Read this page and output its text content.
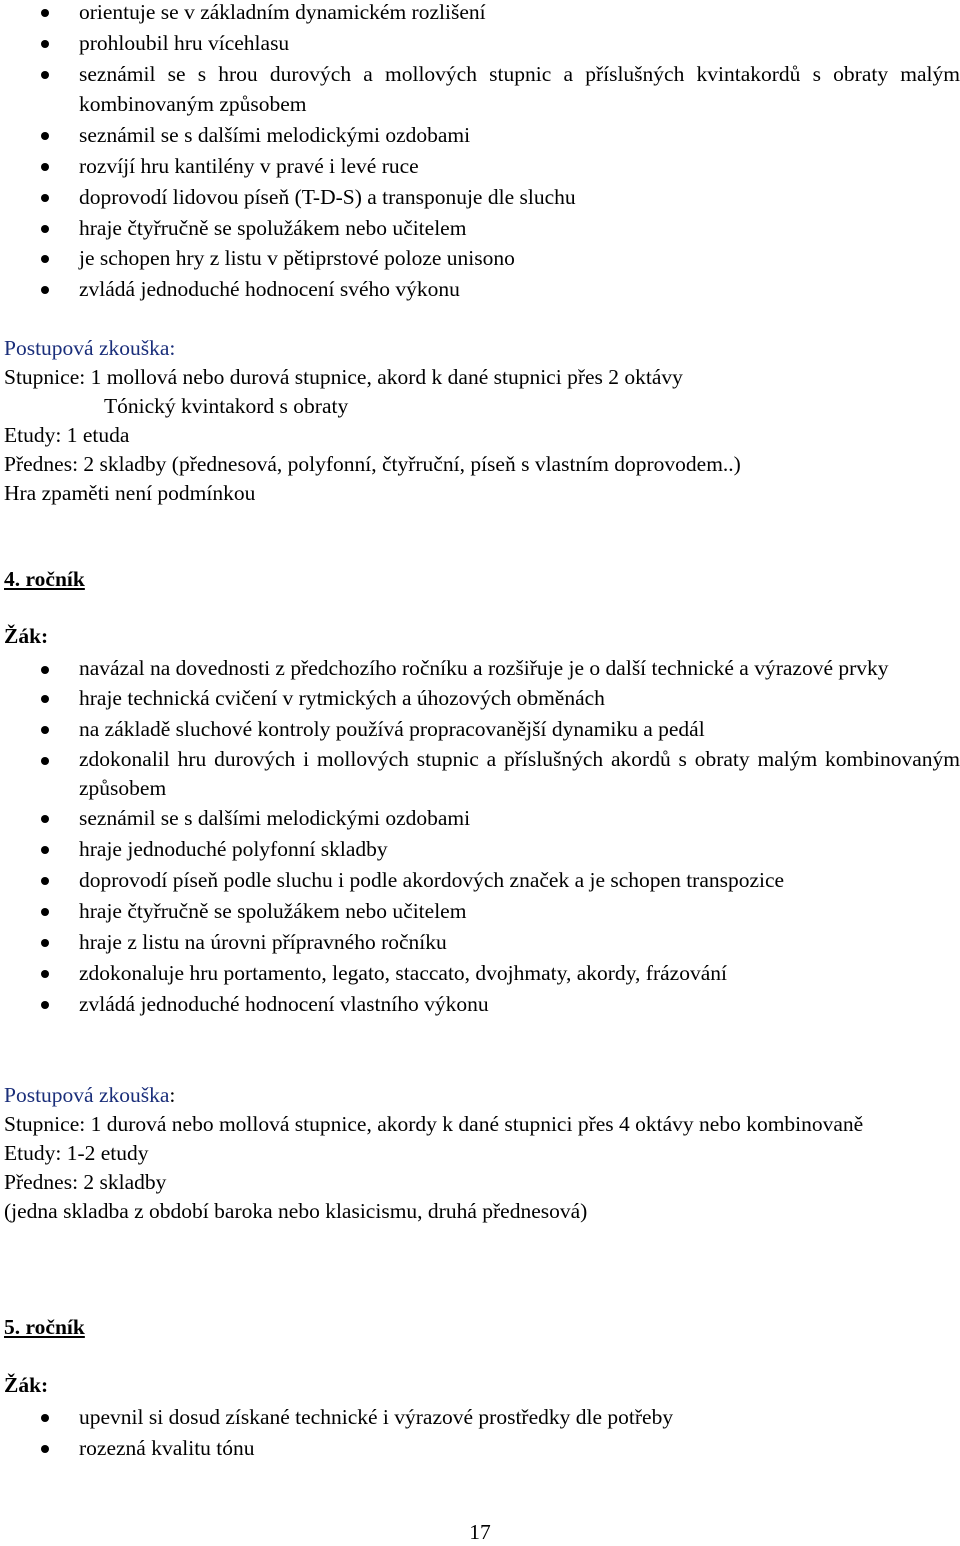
orientuje se v základním dynamickém rozlišení
prohloubil hru vícehlasu
seznámil se s hrou durových a mollových stupnic a příslušných kvintakordů s obraty malým kombinovaným způsobem
seznámil se s dalšími melodickými ozdobami
rozvíjí hru kantilény v pravé i levé ruce
doprovodí lidovou píseň (T-D-S) a transponuje dle sluchu
hraje čtyřručně se spolužákem nebo učitelem
je schopen hry z listu v pětiprstové poloze unisono
zvládá jednoduché hodnocení svého výkonu

Postupová zkouška:

Stupnice: 1 mollová nebo durová stupnice, akord k dané stupnici přes 2 oktávy

Tónický kvintakord s obraty

Etudy: 1 etuda

Přednes: 2 skladby (přednesová, polyfonní, čtyřruční, píseň s vlastním doprovodem..)

Hra zpaměti není podmínkou

4. ročník

Žák:

navázal na dovednosti z předchozího ročníku a rozšiřuje je o další technické a výrazové prvky
hraje technická cvičení v rytmických a úhozových obměnách
na základě sluchové kontroly používá propracovanější dynamiku a pedál
zdokonalil hru durových i mollových stupnic a příslušných akordů s obraty malým kombinovaným způsobem
seznámil se s dalšími melodickými ozdobami
hraje jednoduché polyfonní skladby
doprovodí píseň podle sluchu i podle akordových značek a je schopen transpozice
hraje čtyřručně se spolužákem nebo učitelem
hraje z listu na úrovni přípravného ročníku
zdokonaluje hru portamento, legato, staccato, dvojhmaty, akordy, frázování
zvládá jednoduché hodnocení vlastního výkonu

Postupová zkouška:

Stupnice: 1 durová nebo mollová stupnice, akordy k dané stupnici přes 4 oktávy nebo kombinovaně

Etudy: 1-2 etudy

Přednes: 2 skladby

(jedna skladba z období baroka nebo klasicismu, druhá přednesová)

5. ročník

Žák:

upevnil si dosud získané technické i výrazové prostředky dle potřeby
rozezná kvalitu tónu
17
